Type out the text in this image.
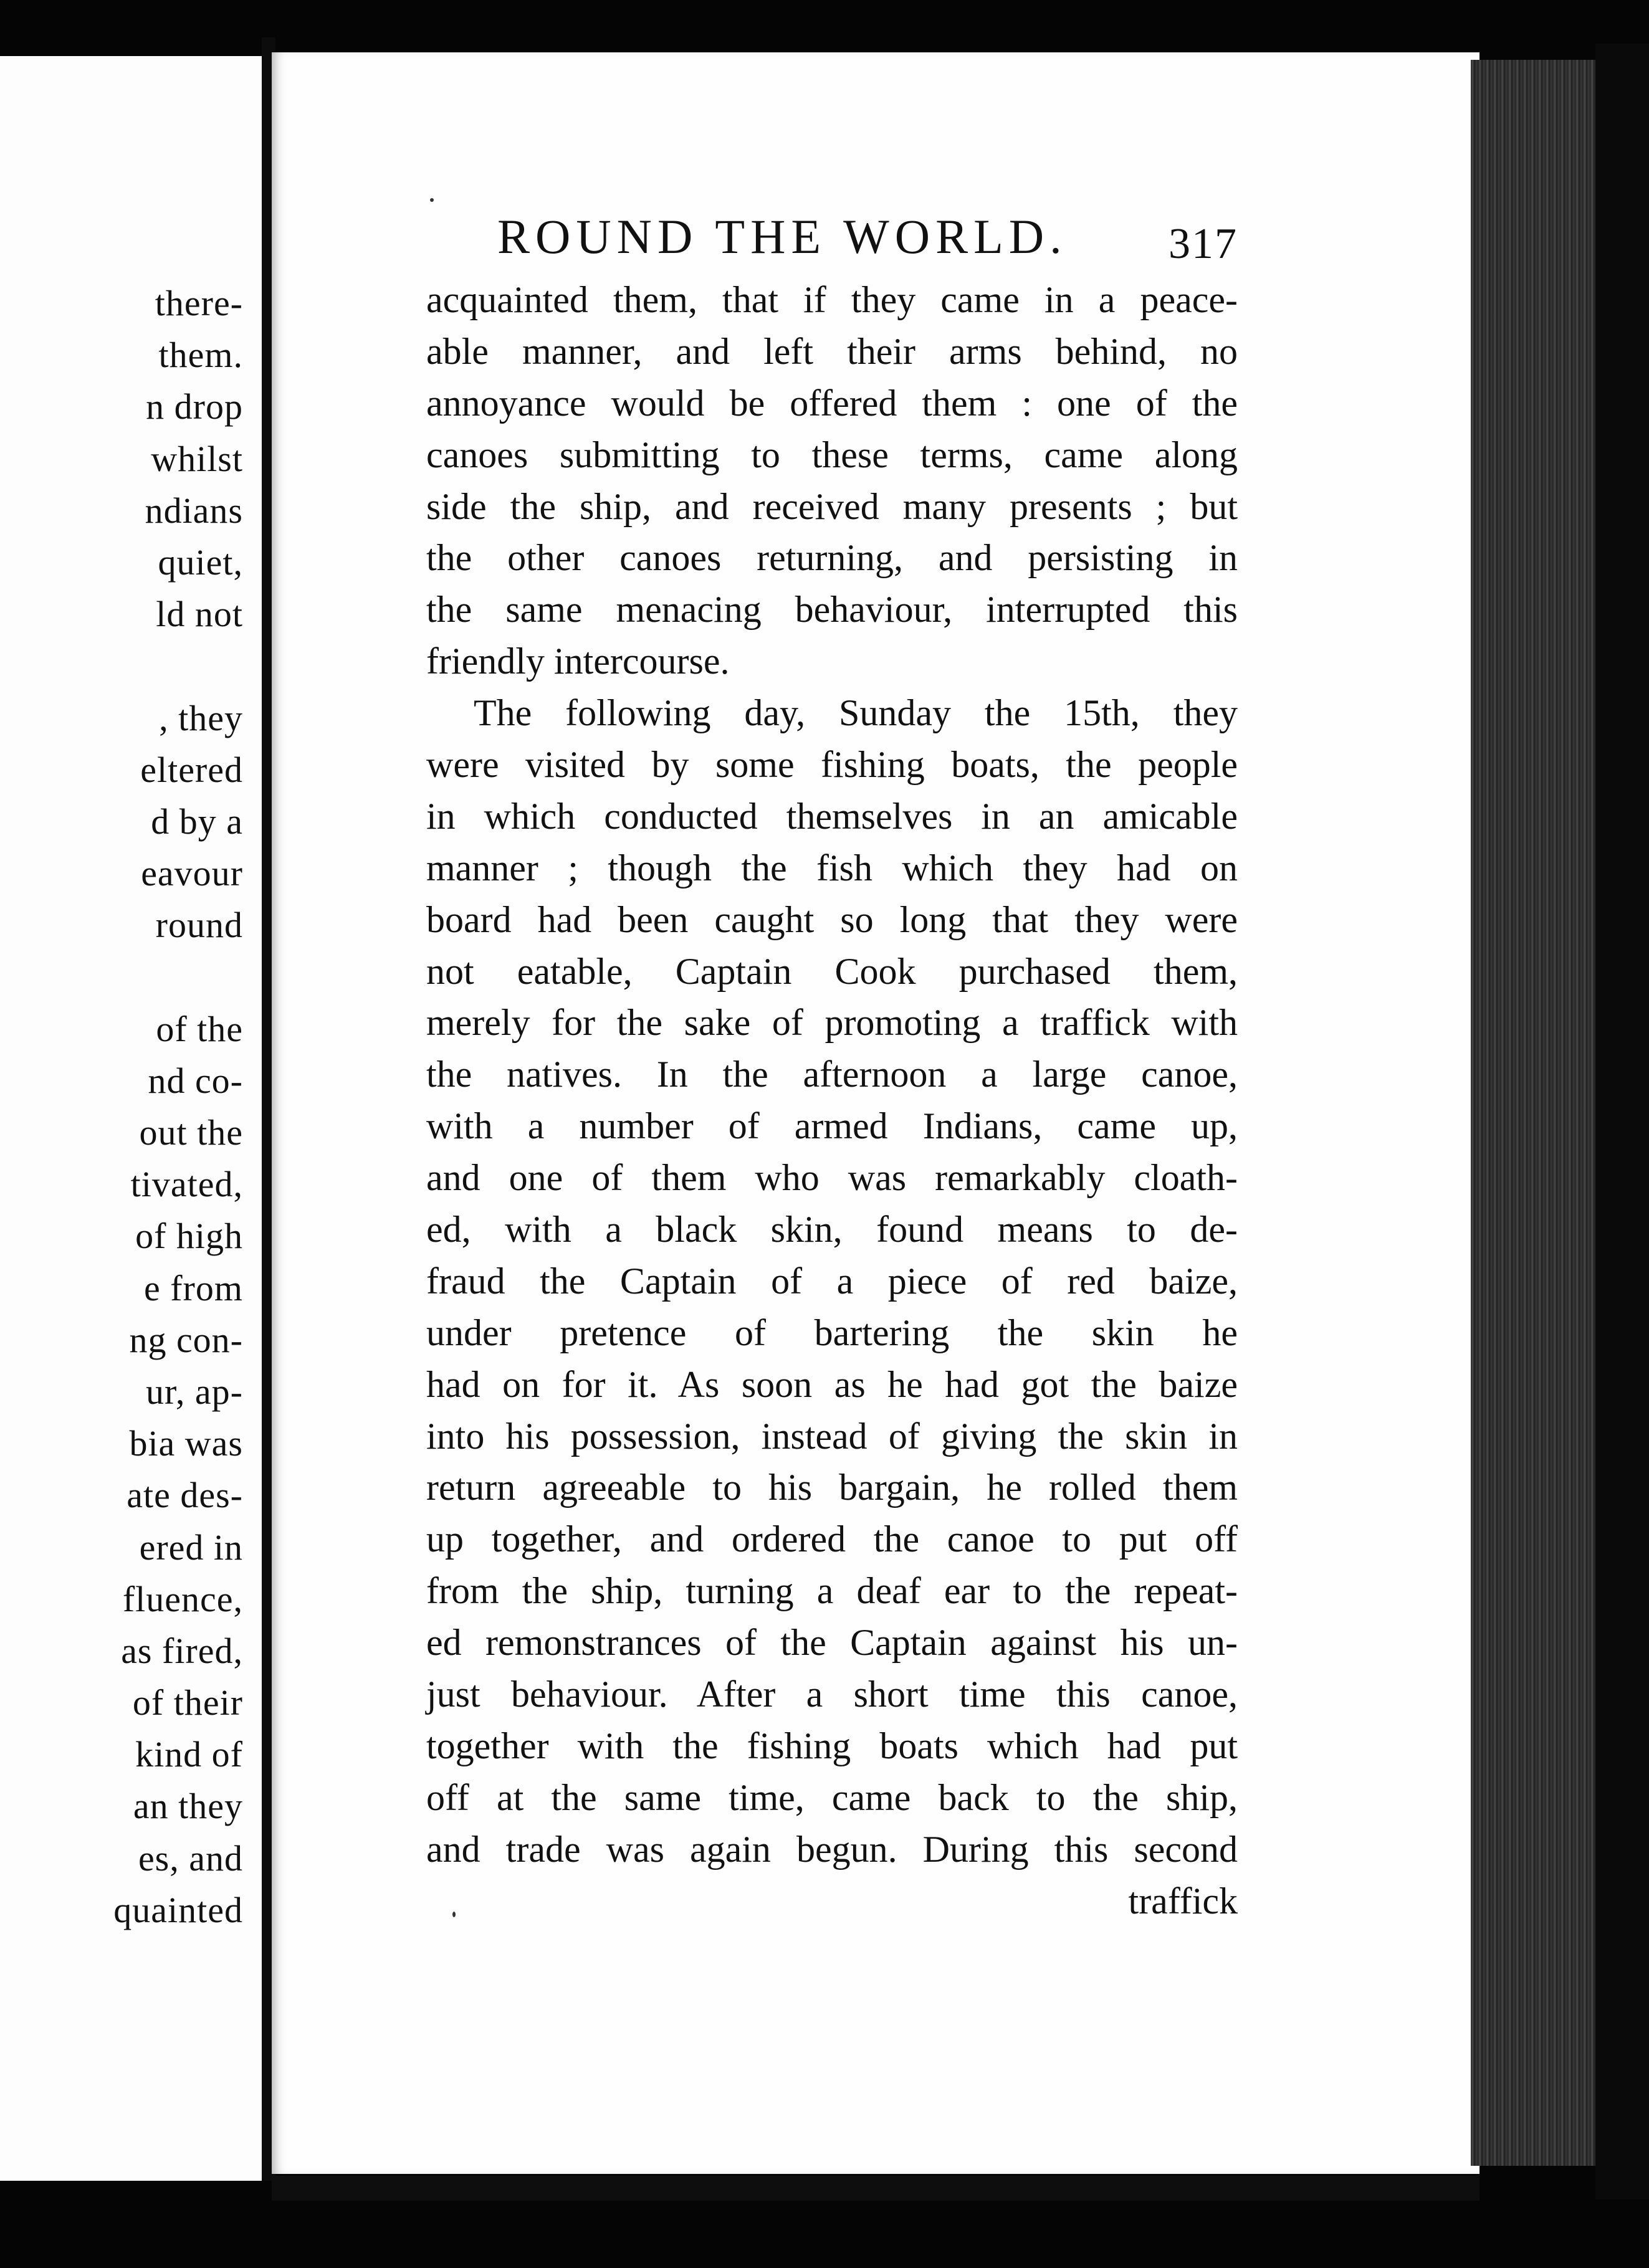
there-
them.
n drop
whilst
ndians
quiet,
ld not
, they
eltered
d by a
eavour
round
of the
nd co-
out the
tivated,
of high
e from
ng con-
ur, ap-
bia was
ate des-
ered in
fluence,
as fired,
of their
kind of
an they
es, and
quainted
ROUND THE WORLD. 317
acquainted them, that if they came in a peace-
able manner, and left their arms behind, no
annoyance would be offered them : one of the
canoes submitting to these terms, came along
side the ship, and received many presents ; but
the other canoes returning, and persisting in
the same menacing behaviour, interrupted this
friendly intercourse.
The following day, Sunday the 15th, they
were visited by some fishing boats, the people
in which conducted themselves in an amicable
manner ; though the fish which they had on
board had been caught so long that they were
not eatable, Captain Cook purchased them,
merely for the sake of promoting a traffick with
the natives. In the afternoon a large canoe,
with a number of armed Indians, came up,
and one of them who was remarkably cloath-
ed, with a black skin, found means to de-
fraud the Captain of a piece of red baize,
under pretence of bartering the skin he
had on for it. As soon as he had got the baize
into his possession, instead of giving the skin in
return agreeable to his bargain, he rolled them
up together, and ordered the canoe to put off
from the ship, turning a deaf ear to the repeat-
ed remonstrances of the Captain against his un-
just behaviour. After a short time this canoe,
together with the fishing boats which had put
off at the same time, came back to the ship,
and trade was again begun. During this second
traffick
